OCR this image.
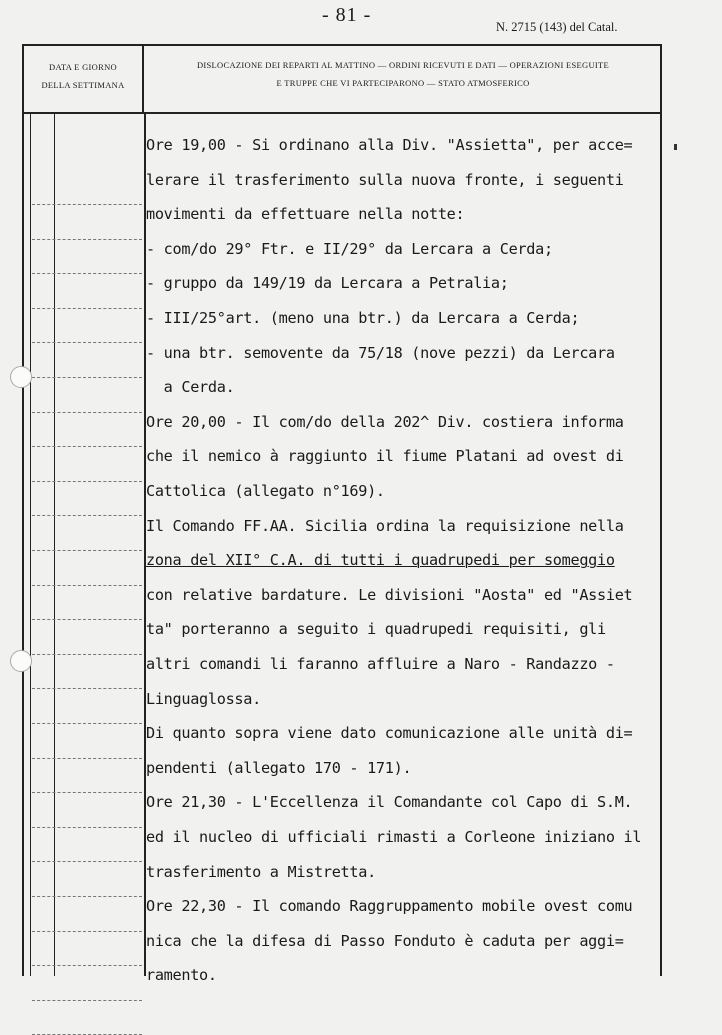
- 81 -
N. 2715 (143) del Catal.
DATA E GIORNO
DELLA SETTIMANA
DISLOCAZIONE DEI REPARTI AL MATTINO — ORDINI RICEVUTI E DATI — OPERAZIONI ESEGUITE
E TRUPPE CHE VI PARTECIPARONO — STATO ATMOSFERICO
Ore 19,00 - Si ordinano alla Div. "Assietta", per acce=
lerare il trasferimento sulla nuova fronte, i seguenti
movimenti da effettuare nella notte:
- com/do 29° Ftr. e II/29° da Lercara a Cerda;
- gruppo da 149/19 da Lercara a Petralia;
- III/25°art. (meno una btr.) da Lercara a Cerda;
- una btr. semovente da 75/18 (nove pezzi) da Lercara
a Cerda.
Ore 20,00 - Il com/do della 202^ Div. costiera informa
che il nemico à raggiunto il fiume Platani ad ovest di
Cattolica (allegato n°169).
Il Comando FF.AA. Sicilia ordina la requisizione nella
zona del XII° C.A. di tutti i quadrupedi per someggio
con relative bardature. Le divisioni "Aosta" ed "Assiet
ta" porteranno a seguito i quadrupedi requisiti, gli
altri comandi li faranno affluire a Naro - Randazzo -
Linguaglossa.
Di quanto sopra viene dato comunicazione alle unità di=
pendenti (allegato 170 - 171).
Ore 21,30 - L'Eccellenza il Comandante col Capo di S.M.
ed il nucleo di ufficiali rimasti a Corleone iniziano il
trasferimento a Mistretta.
Ore 22,30 - Il comando Raggruppamento mobile ovest comu
nica che la difesa di Passo Fonduto è caduta per aggi=
ramento.
